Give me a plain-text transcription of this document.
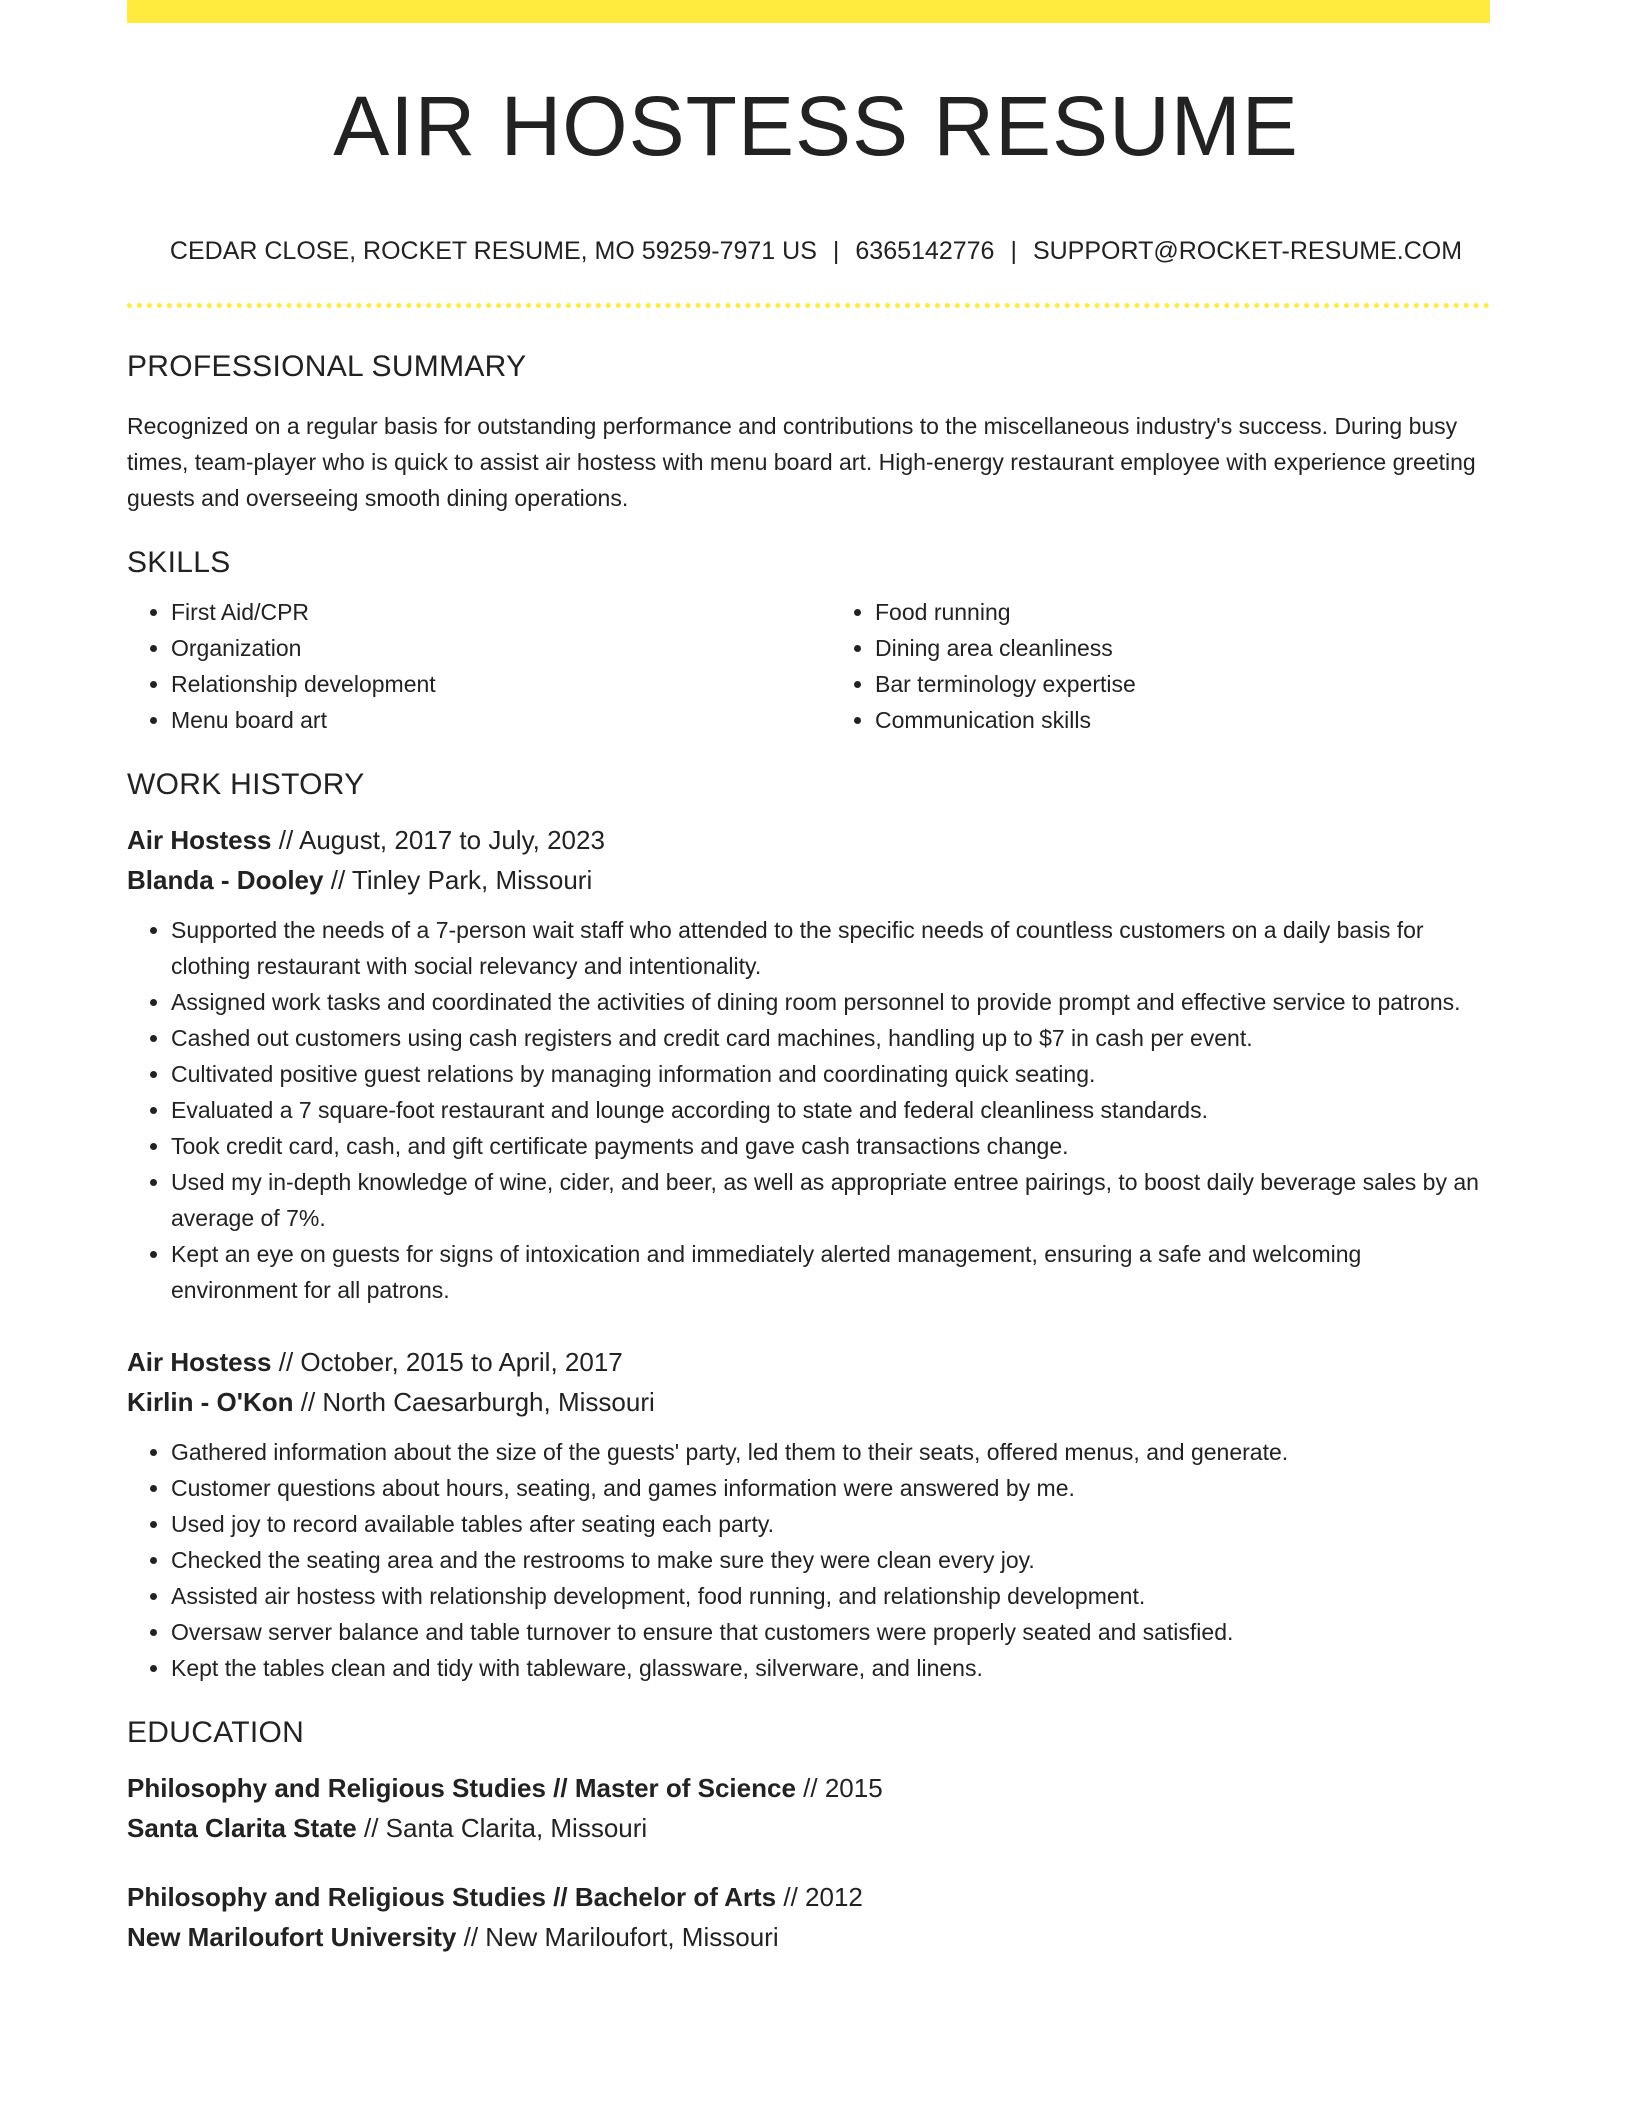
AIR HOSTESS RESUME
CEDAR CLOSE, ROCKET RESUME, MO 59259-7971 US | 6365142776 | SUPPORT@ROCKET-RESUME.COM
PROFESSIONAL SUMMARY

Recognized on a regular basis for outstanding performance and contributions to the miscellaneous industry's success. During busy times, team-player who is quick to assist air hostess with menu board art. High-energy restaurant employee with experience greeting guests and overseeing smooth dining operations.

SKILLS
• First Aid/CPR
• Organization
• Relationship development
• Menu board art
• Food running
• Dining area cleanliness
• Bar terminology expertise
• Communication skills
WORK HISTORY
Air Hostess // August, 2017 to July, 2023
Blanda - Dooley // Tinley Park, Missouri
• Supported the needs of a 7-person wait staff who attended to the specific needs of countless customers on a daily basis for clothing restaurant with social relevancy and intentionality.
• Assigned work tasks and coordinated the activities of dining room personnel to provide prompt and effective service to patrons.
• Cashed out customers using cash registers and credit card machines, handling up to $7 in cash per event.
• Cultivated positive guest relations by managing information and coordinating quick seating.
• Evaluated a 7 square-foot restaurant and lounge according to state and federal cleanliness standards.
• Took credit card, cash, and gift certificate payments and gave cash transactions change.
• Used my in-depth knowledge of wine, cider, and beer, as well as appropriate entree pairings, to boost daily beverage sales by an average of 7%.
• Kept an eye on guests for signs of intoxication and immediately alerted management, ensuring a safe and welcoming environment for all patrons.
Air Hostess // October, 2015 to April, 2017
Kirlin - O'Kon // North Caesarburgh, Missouri
• Gathered information about the size of the guests' party, led them to their seats, offered menus, and generate.
• Customer questions about hours, seating, and games information were answered by me.
• Used joy to record available tables after seating each party.
• Checked the seating area and the restrooms to make sure they were clean every joy.
• Assisted air hostess with relationship development, food running, and relationship development.
• Oversaw server balance and table turnover to ensure that customers were properly seated and satisfied.
• Kept the tables clean and tidy with tableware, glassware, silverware, and linens.
EDUCATION
Philosophy and Religious Studies // Master of Science // 2015
Santa Clarita State // Santa Clarita, Missouri
Philosophy and Religious Studies // Bachelor of Arts // 2012
New Mariloufort University // New Mariloufort, Missouri
